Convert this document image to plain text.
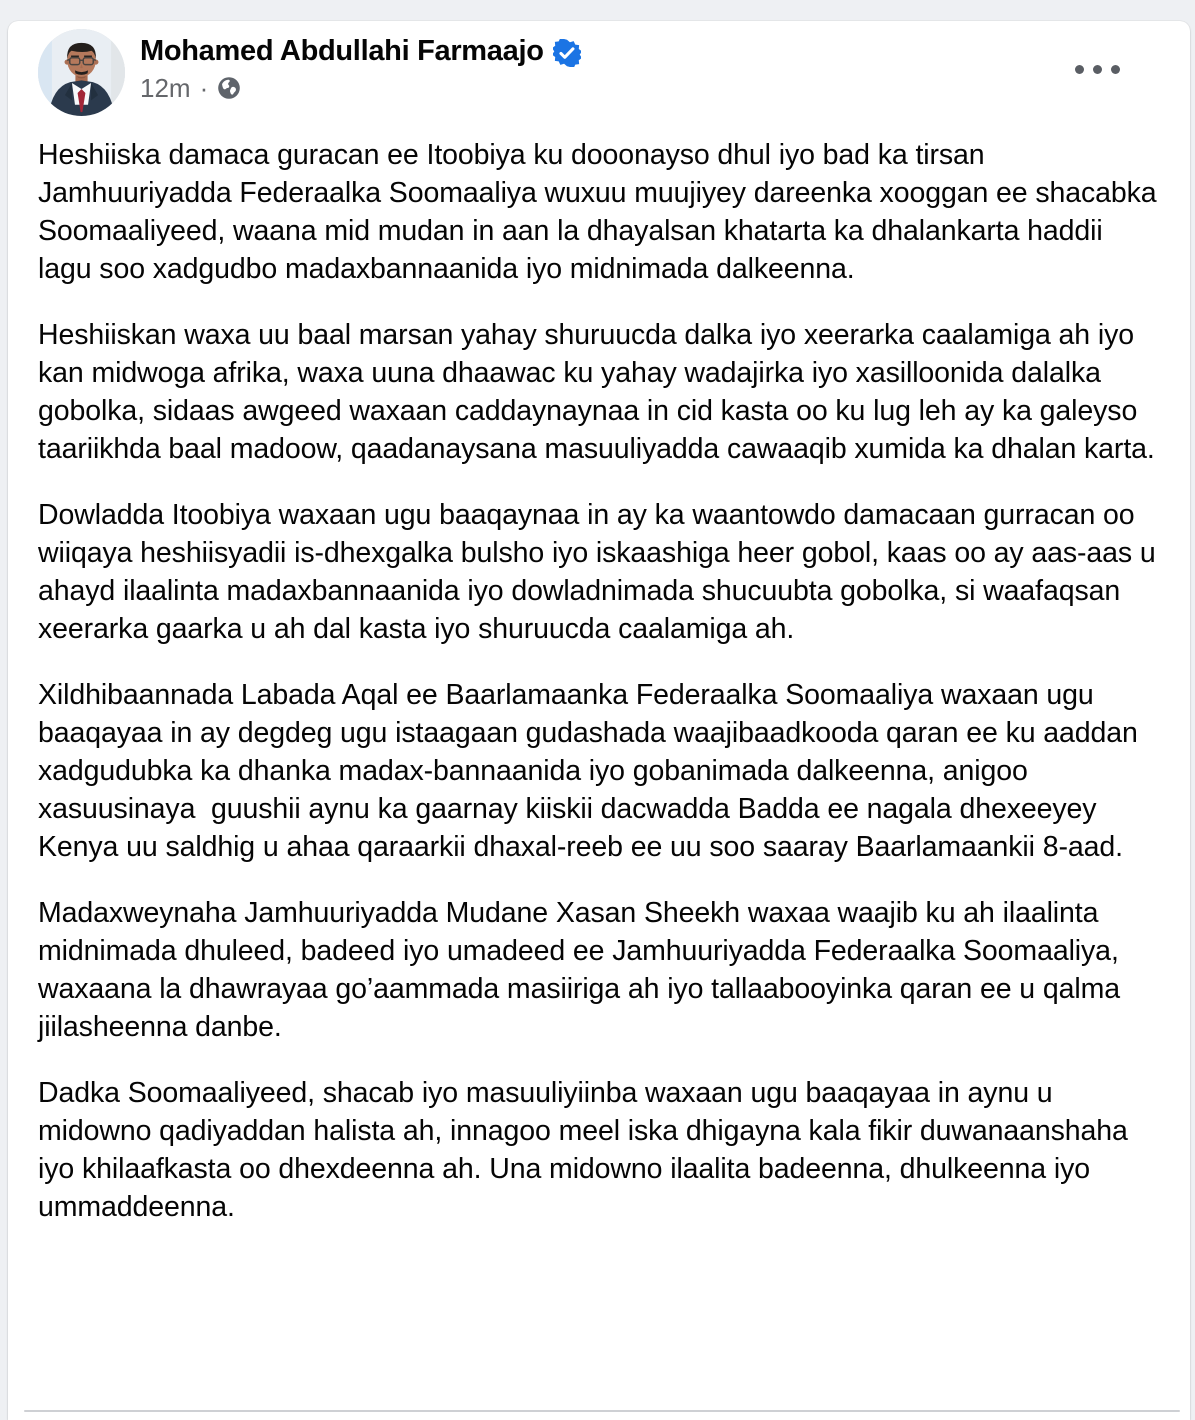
Mohamed Abdullahi Farmaajo
12m ·

Heshiiska damaca guracan ee Itoobiya ku dooonayso dhul iyo bad ka tirsan Jamhuuriyadda Federaalka Soomaaliya wuxuu muujiyey dareenka xooggan ee shacabka Soomaaliyeed, waana mid mudan in aan la dhayalsan khatarta ka dhalankarta haddii lagu soo xadgudbo madaxbannaanida iyo midnimada dalkeenna.

Heshiiskan waxa uu baal marsan yahay shuruucda dalka iyo xeerarka caalamiga ah iyo kan midwoga afrika, waxa uuna dhaawac ku yahay wadajirka iyo xasilloonida dalalka gobolka, sidaas awgeed waxaan caddaynaynaa in cid kasta oo ku lug leh ay ka galeyso taariikhda baal madoow, qaadanaysana masuuliyadda cawaaqib xumida ka dhalan karta.

Dowladda Itoobiya waxaan ugu baaqaynaa in ay ka waantowdo damacaan gurracan oo wiiqaya heshiisyadii is-dhexgalka bulsho iyo iskaashiga heer gobol, kaas oo ay aas-aas u ahayd ilaalinta madaxbannaanida iyo dowladnimada shucuubta gobolka, si waafaqsan xeerarka gaarka u ah dal kasta iyo shuruucda caalamiga ah.

Xildhibaannada Labada Aqal ee Baarlamaanka Federaalka Soomaaliya waxaan ugu baaqayaa in ay degdeg ugu istaagaan gudashada waajibaadkooda qaran ee ku aaddan xadgudubka ka dhanka madax-bannaanida iyo gobanimada dalkeenna, anigoo xasuusinaya  guushii aynu ka gaarnay kiiskii dacwadda Badda ee nagala dhexeeyey Kenya uu saldhig u ahaa qaraarkii dhaxal-reeb ee uu soo saaray Baarlamaankii 8-aad.

Madaxweynaha Jamhuuriyadda Mudane Xasan Sheekh waxaa waajib ku ah ilaalinta midnimada dhuleed, badeed iyo umadeed ee Jamhuuriyadda Federaalka Soomaaliya, waxaana la dhawrayaa go’aammada masiiriga ah iyo tallaabooyinka qaran ee u qalma  jiilasheenna danbe.

Dadka Soomaaliyeed, shacab iyo masuuliyiinba waxaan ugu baaqayaa in aynu u midowno qadiyaddan halista ah, innagoo meel iska dhigayna kala fikir duwanaanshaha iyo khilaafkasta oo dhexdeenna ah. Una midowno ilaalita badeenna, dhulkeenna iyo ummaddeenna.
